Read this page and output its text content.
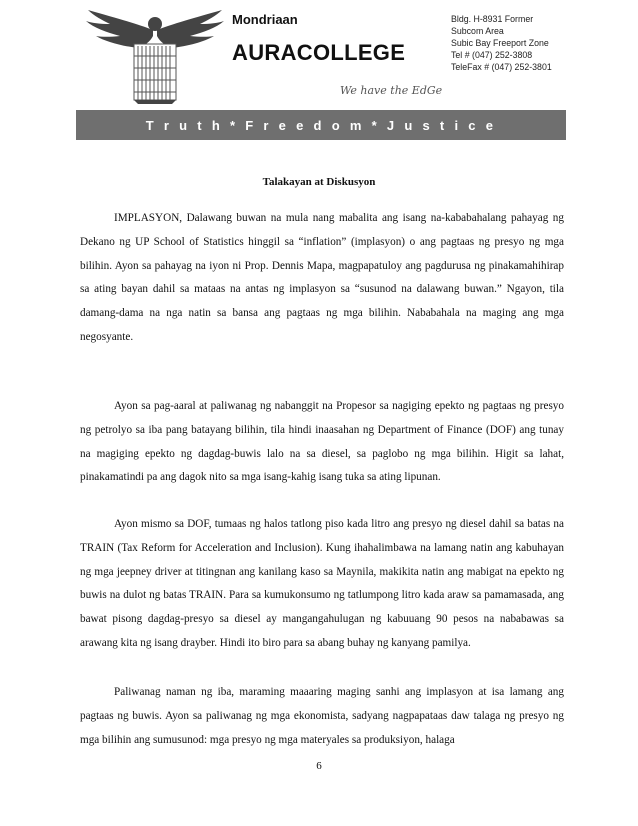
Mondriaan
AURACOLLEGE
We have the EdGe
Bldg. H-8931 Former
Subcom Area
Subic Bay Freeport Zone
Tel # (047) 252-3808
TeleFax # (047) 252-3801
T r u t h * F r e e d o m * J u s t i c e
Talakayan at Diskusyon
IMPLASYON, Dalawang buwan na mula nang mabalita ang isang na-kababahalang pahayag ng Dekano ng UP School of Statistics hinggil sa “inflation” (implasyon) o ang pagtaas ng presyo ng mga bilihin. Ayon sa pahayag na iyon ni Prop. Dennis Mapa, magpapatuloy ang pagdurusa ng pinakamahihirap sa ating bayan dahil sa mataas na antas ng implasyon sa “susunod na dalawang buwan.” Ngayon, tila damang-dama na nga natin sa bansa ang pagtaas ng mga bilihin. Nababahala na maging ang mga negosyante.
Ayon sa pag-aaral at paliwanag ng nabanggit na Propesor sa nagiging epekto ng pagtaas ng presyo ng petrolyo sa iba pang batayang bilihin, tila hindi inaasahan ng Department of Finance (DOF) ang tunay na magiging epekto ng dagdag-buwis lalo na sa diesel, sa paglobo ng mga bilihin. Higit sa lahat, pinakamatindi pa ang dagok nito sa mga isang-kahig isang tuka sa ating lipunan.
Ayon mismo sa DOF, tumaas ng halos tatlong piso kada litro ang presyo ng diesel dahil sa batas na TRAIN (Tax Reform for Acceleration and Inclusion). Kung ihahalimbawa na lamang natin ang kabuhayan ng mga jeepney driver at titingnan ang kanilang kaso sa Maynila, makikita natin ang mabigat na epekto ng buwis na dulot ng batas TRAIN. Para sa kumukonsumo ng tatlumpong litro kada araw sa pamamasada, ang bawat pisong dagdag-presyo sa diesel ay mangangahulugan ng kabuuang 90 pesos na nababawas sa arawang kita ng isang drayber. Hindi ito biro para sa abang buhay ng kanyang pamilya.
Paliwanag naman ng iba, maraming maaaring maging sanhi ang implasyon at isa lamang ang pagtaas ng buwis. Ayon sa paliwanag ng mga ekonomista, sadyang nagpapataas daw talaga ng presyo ng mga bilihin ang sumusunod: mga presyo ng mga materyales sa produksiyon, halaga
6
